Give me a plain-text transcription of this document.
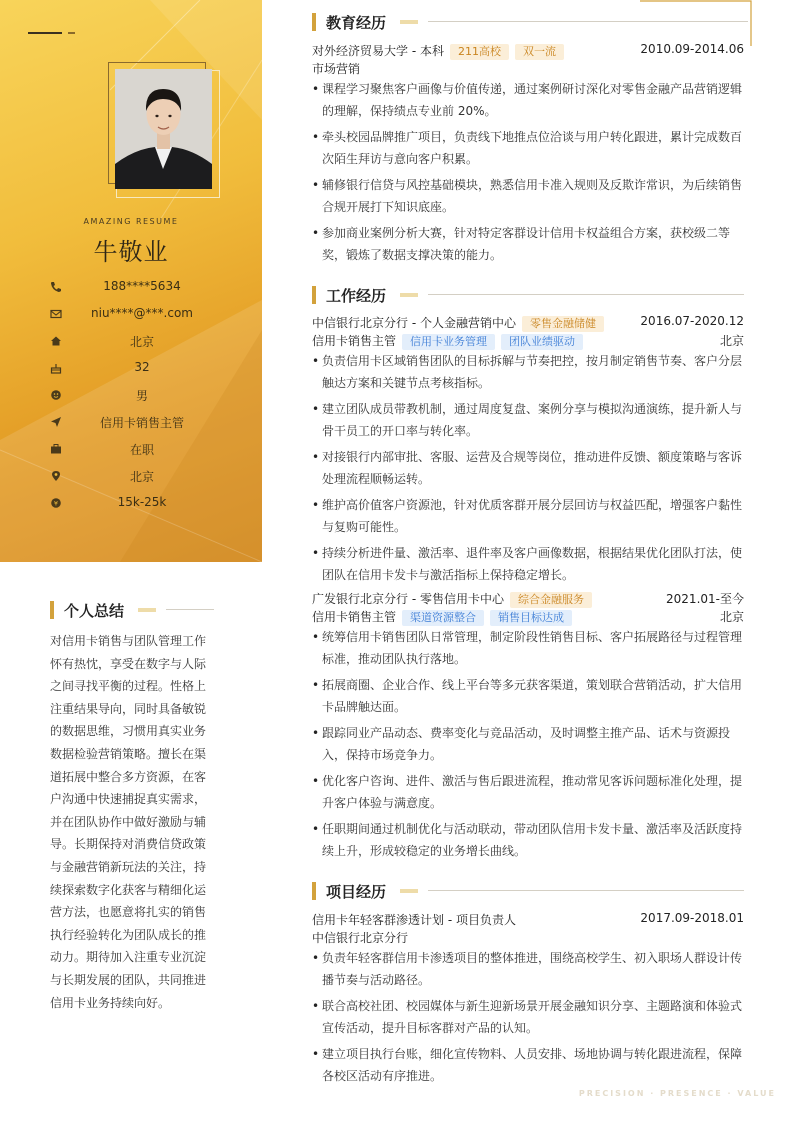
AMAZING RESUME
牛敬业
188****5634
niu****@***.com
北京
32
男
信用卡销售主管
在职
北京
¥	15k-25k
个人总结
对信用卡销售与团队管理工作怀有热忱，享受在数字与人际之间寻找平衡的过程。性格上注重结果导向，同时具备敏锐的数据思维，习惯用真实业务数据检验营销策略。擅长在渠道拓展中整合多方资源，在客户沟通中快速捕捉真实需求，并在团队协作中做好激励与辅导。长期保持对消费信贷政策与金融营销新玩法的关注，持续探索数字化获客与精细化运营方法，也愿意将扎实的销售执行经验转化为团队成长的推动力。期待加入注重专业沉淀与长期发展的团队，共同推进信用卡业务持续向好。
教育经历
对外经济贸易大学 - 本科 211高校 双一流	2010.09-2014.06
市场营销
• 课程学习聚焦客户画像与价值传递，通过案例研讨深化对零售金融产品营销逻辑的理解，保持绩点专业前 20%。
• 牵头校园品牌推广项目，负责线下地推点位洽谈与用户转化跟进，累计完成数百次陌生拜访与意向客户积累。
• 辅修银行信贷与风控基础模块，熟悉信用卡准入规则及反欺诈常识，为后续销售合规开展打下知识底座。
• 参加商业案例分析大赛，针对特定客群设计信用卡权益组合方案，获校级二等奖，锻炼了数据支撑决策的能力。
工作经历
中信银行北京分行 - 个人金融营销中心 零售金融储健	2016.07-2020.12
信用卡销售主管 信用卡业务管理 团队业绩驱动	北京
• 负责信用卡区域销售团队的目标拆解与节奏把控，按月制定销售节奏、客户分层触达方案和关键节点考核指标。
• 建立团队成员带教机制，通过周度复盘、案例分享与模拟沟通演练，提升新人与骨干员工的开口率与转化率。
• 对接银行内部审批、客服、运营及合规等岗位，推动进件反馈、额度策略与客诉处理流程顺畅运转。
• 维护高价值客户资源池，针对优质客群开展分层回访与权益匹配，增强客户黏性与复购可能性。
• 持续分析进件量、激活率、退件率及客户画像数据，根据结果优化团队打法，使团队在信用卡发卡与激活指标上保持稳定增长。
广发银行北京分行 - 零售信用卡中心 综合金融服务	2021.01-至今
信用卡销售主管 渠道资源整合 销售目标达成	北京
• 统筹信用卡销售团队日常管理，制定阶段性销售目标、客户拓展路径与过程管理标准，推动团队执行落地。
• 拓展商圈、企业合作、线上平台等多元获客渠道，策划联合营销活动，扩大信用卡品牌触达面。
• 跟踪同业产品动态、费率变化与竞品活动，及时调整主推产品、话术与资源投入，保持市场竞争力。
• 优化客户咨询、进件、激活与售后跟进流程，推动常见客诉问题标准化处理，提升客户体验与满意度。
• 任职期间通过机制优化与活动联动，带动团队信用卡发卡量、激活率及活跃度持续上升，形成较稳定的业务增长曲线。
项目经历
信用卡年轻客群渗透计划 - 项目负责人	2017.09-2018.01
中信银行北京分行
• 负责年轻客群信用卡渗透项目的整体推进，围绕高校学生、初入职场人群设计传播节奏与活动路径。
• 联合高校社团、校园媒体与新生迎新场景开展金融知识分享、主题路演和体验式宣传活动，提升目标客群对产品的认知。
• 建立项目执行台账，细化宣传物料、人员安排、场地协调与转化跟进流程，保障各校区活动有序推进。
PRECISION · PRESENCE · VALUE
